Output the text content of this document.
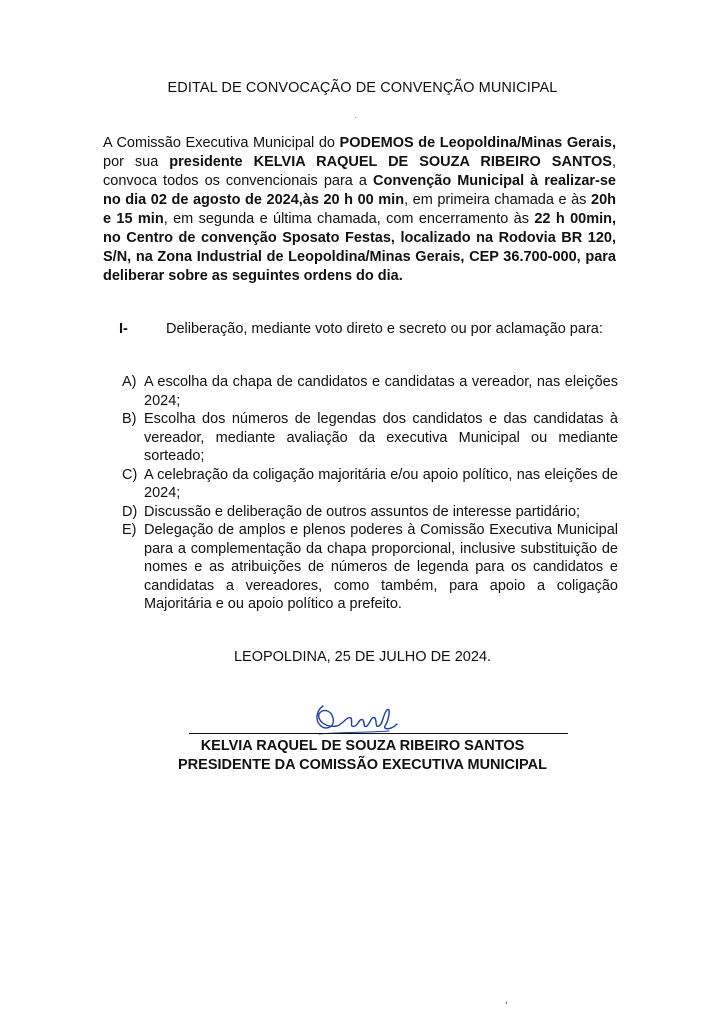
EDITAL DE CONVOCAÇÃO DE CONVENÇÃO MUNICIPAL
·
A Comissão Executiva Municipal do PODEMOS de Leopoldina/Minas Gerais, por sua presidente KELVIA RAQUEL DE SOUZA RIBEIRO SANTOS, convoca todos os convencionais para a Convenção Municipal à realizar-se no dia 02 de agosto de 2024,às 20 h 00 min, em primeira chamada e às 20h e 15 min, em segunda e última chamada, com encerramento às 22 h 00min, no Centro de convenção Sposato Festas, localizado na Rodovia BR 120, S/N, na Zona Industrial de Leopoldina/Minas Gerais, CEP 36.700-000, para deliberar sobre as seguintes ordens do dia.
I-	Deliberação, mediante voto direto e secreto ou por aclamação para:
A) A escolha da chapa de candidatos e candidatas a vereador, nas eleições 2024;
B) Escolha dos números de legendas dos candidatos e das candidatas à vereador, mediante avaliação da executiva Municipal ou mediante sorteado;
C) A celebração da coligação majoritária e/ou apoio político, nas eleições de 2024;
D) Discussão e deliberação de outros assuntos de interesse partidário;
E) Delegação de amplos e plenos poderes à Comissão Executiva Municipal para a complementação da chapa proporcional, inclusive substituição de nomes e as atribuições de números de legenda para os candidatos e candidatas a vereadores, como também, para apoio a coligação Majoritária e ou apoio político a prefeito.
LEOPOLDINA, 25 DE JULHO DE 2024.
KELVIA RAQUEL DE SOUZA RIBEIRO SANTOS
PRESIDENTE DA COMISSÃO EXECUTIVA MUNICIPAL
,
